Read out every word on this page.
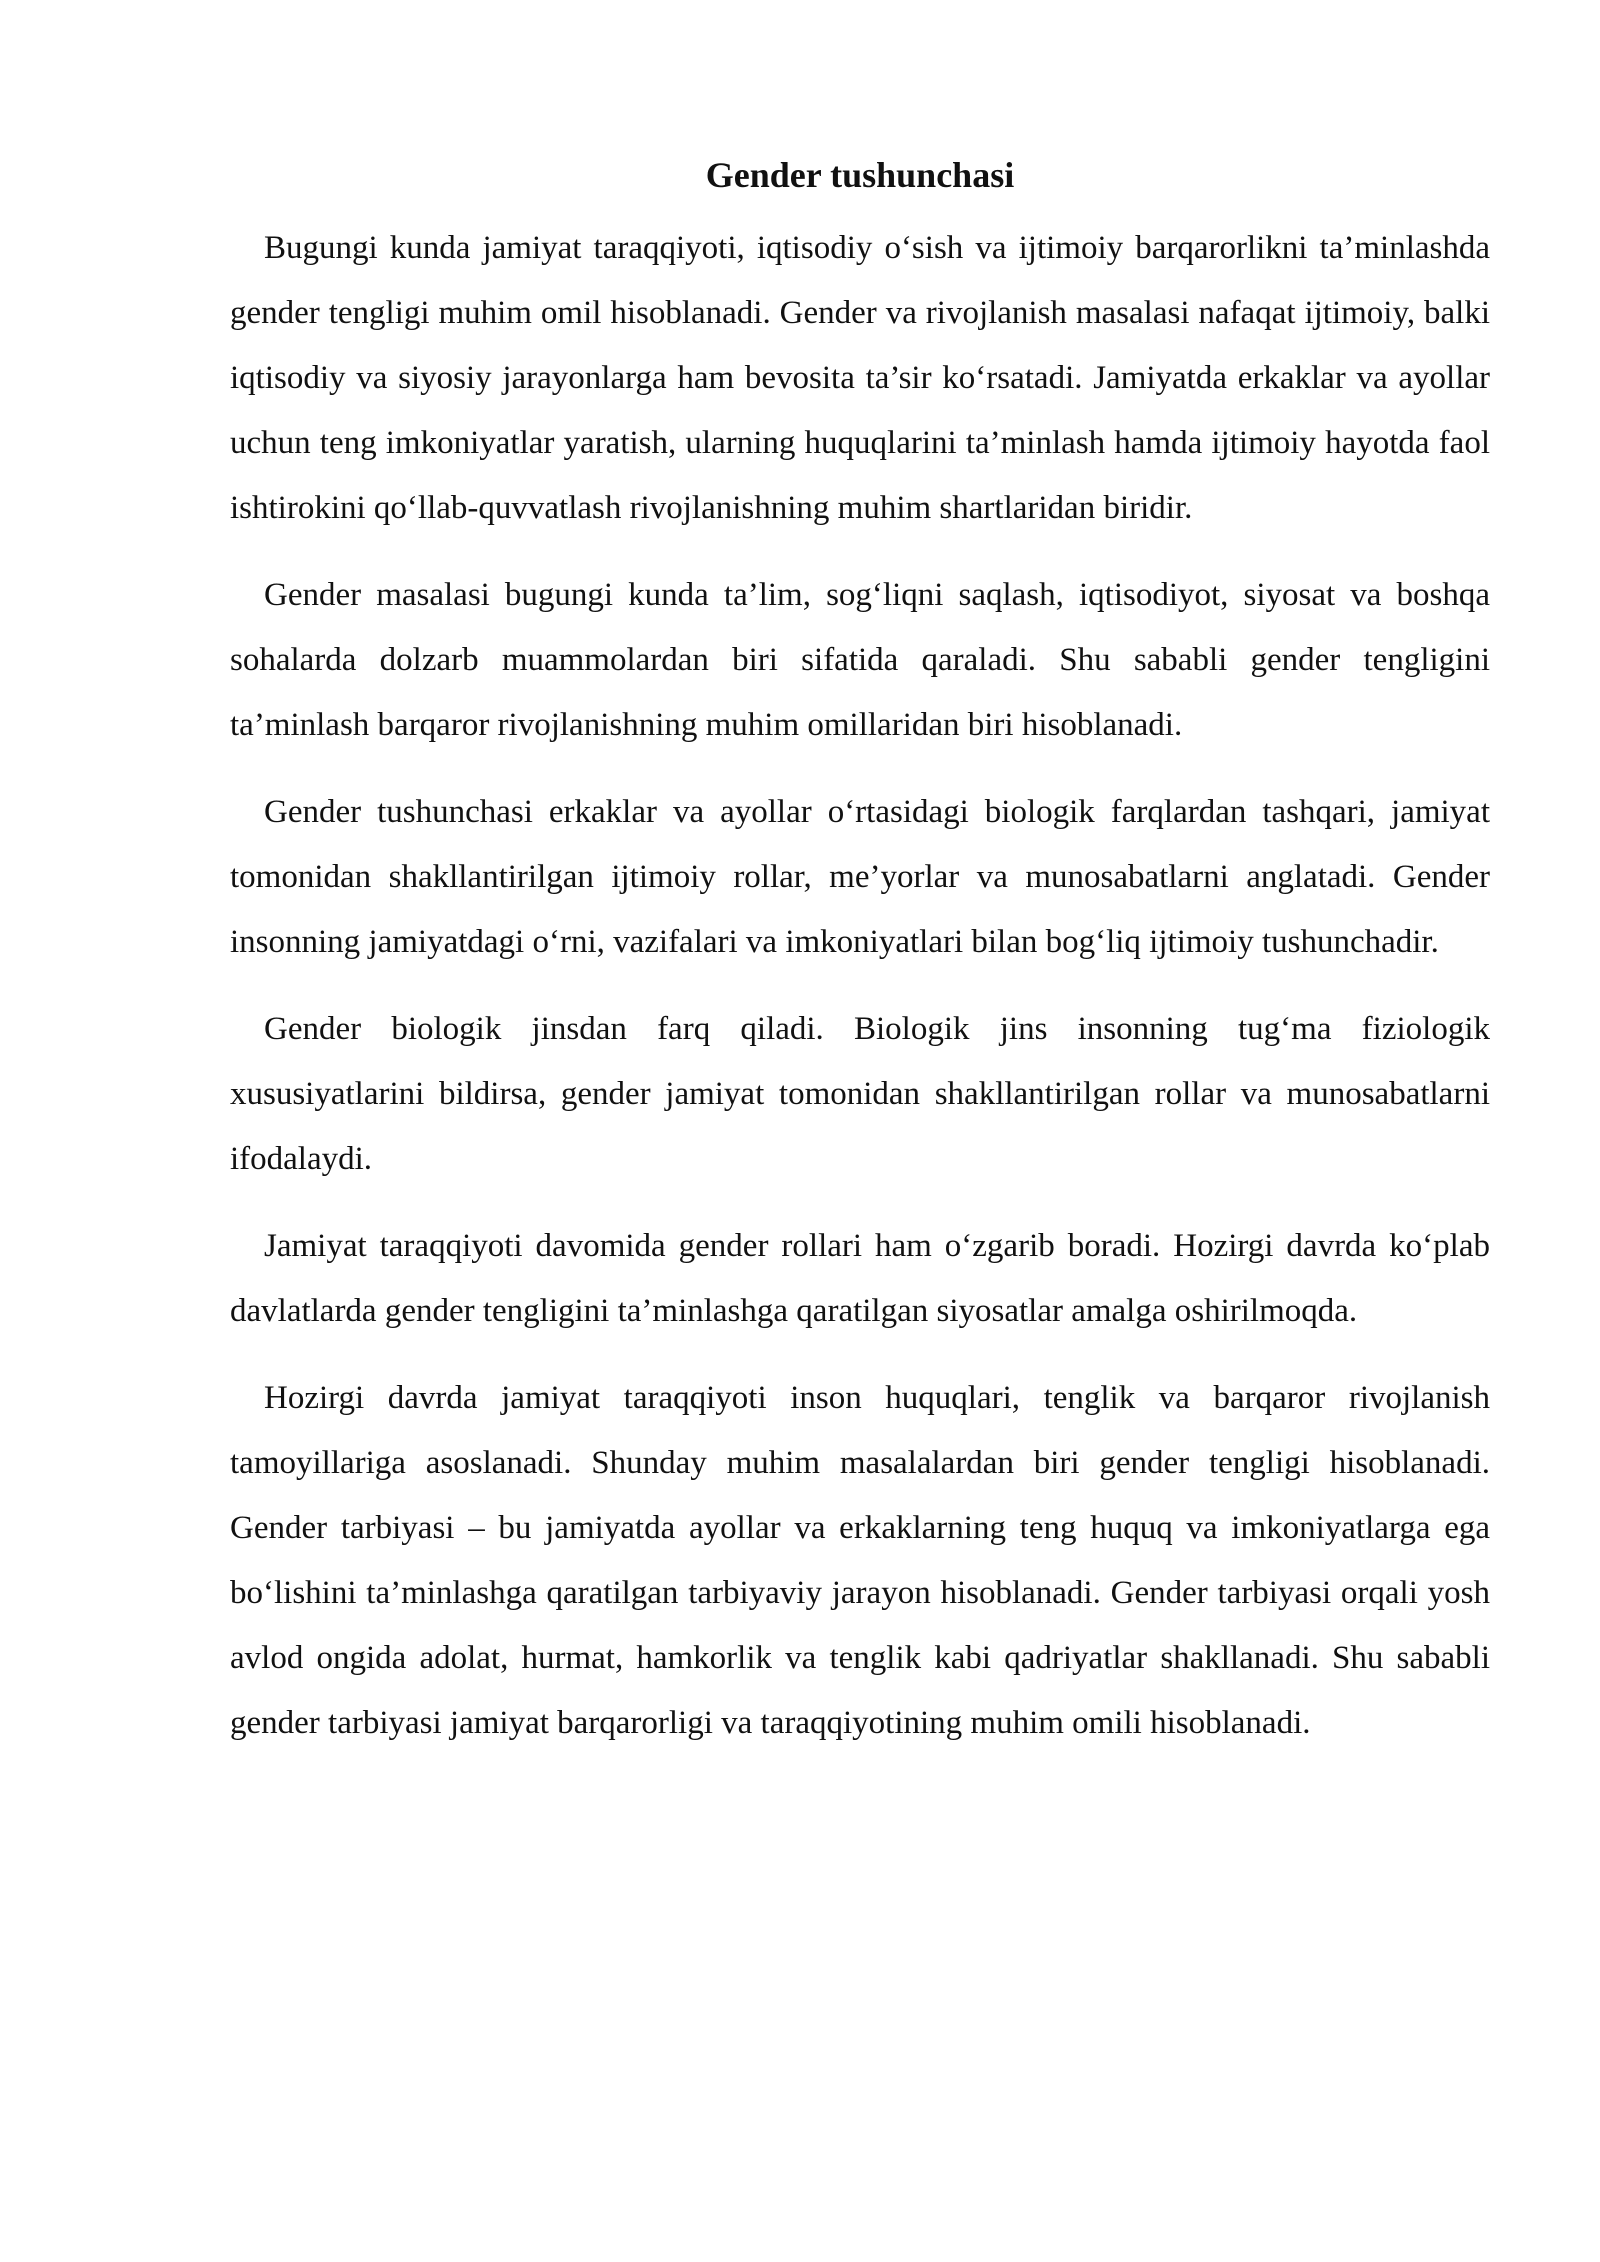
Gender tushunchasi

Bugungi kunda jamiyat taraqqiyoti, iqtisodiy o‘sish va ijtimoiy barqarorlikni ta’minlashda gender tengligi muhim omil hisoblanadi. Gender va rivojlanish masalasi nafaqat ijtimoiy, balki iqtisodiy va siyosiy jarayonlarga ham bevosita ta’sir ko‘rsatadi. Jamiyatda erkaklar va ayollar uchun teng imkoniyatlar yaratish, ularning huquqlarini ta’minlash hamda ijtimoiy hayotda faol ishtirokini qo‘llab-quvvatlash rivojlanishning muhim shartlaridan biridir.

Gender masalasi bugungi kunda ta’lim, sog‘liqni saqlash, iqtisodiyot, siyosat va boshqa sohalarda dolzarb muammolardan biri sifatida qaraladi. Shu sababli gender tengligini ta’minlash barqaror rivojlanishning muhim omillaridan biri hisoblanadi.

Gender tushunchasi erkaklar va ayollar o‘rtasidagi biologik farqlardan tashqari, jamiyat tomonidan shakllantirilgan ijtimoiy rollar, me’yorlar va munosabatlarni anglatadi. Gender insonning jamiyatdagi o‘rni, vazifalari va imkoniyatlari bilan bog‘liq ijtimoiy tushunchadir.

Gender biologik jinsdan farq qiladi. Biologik jins insonning tug‘ma fiziologik xususiyatlarini bildirsa, gender jamiyat tomonidan shakllantirilgan rollar va munosabatlarni ifodalaydi.

Jamiyat taraqqiyoti davomida gender rollari ham o‘zgarib boradi. Hozirgi davrda ko‘plab davlatlarda gender tengligini ta’minlashga qaratilgan siyosatlar amalga oshirilmoqda.

Hozirgi davrda jamiyat taraqqiyoti inson huquqlari, tenglik va barqaror rivojlanish tamoyillariga asoslanadi. Shunday muhim masalalardan biri gender tengligi hisoblanadi. Gender tarbiyasi – bu jamiyatda ayollar va erkaklarning teng huquq va imkoniyatlarga ega bo‘lishini ta’minlashga qaratilgan tarbiyaviy jarayon hisoblanadi. Gender tarbiyasi orqali yosh avlod ongida adolat, hurmat, hamkorlik va tenglik kabi qadriyatlar shakllanadi. Shu sababli gender tarbiyasi jamiyat barqarorligi va taraqqiyotining muhim omili hisoblanadi.
